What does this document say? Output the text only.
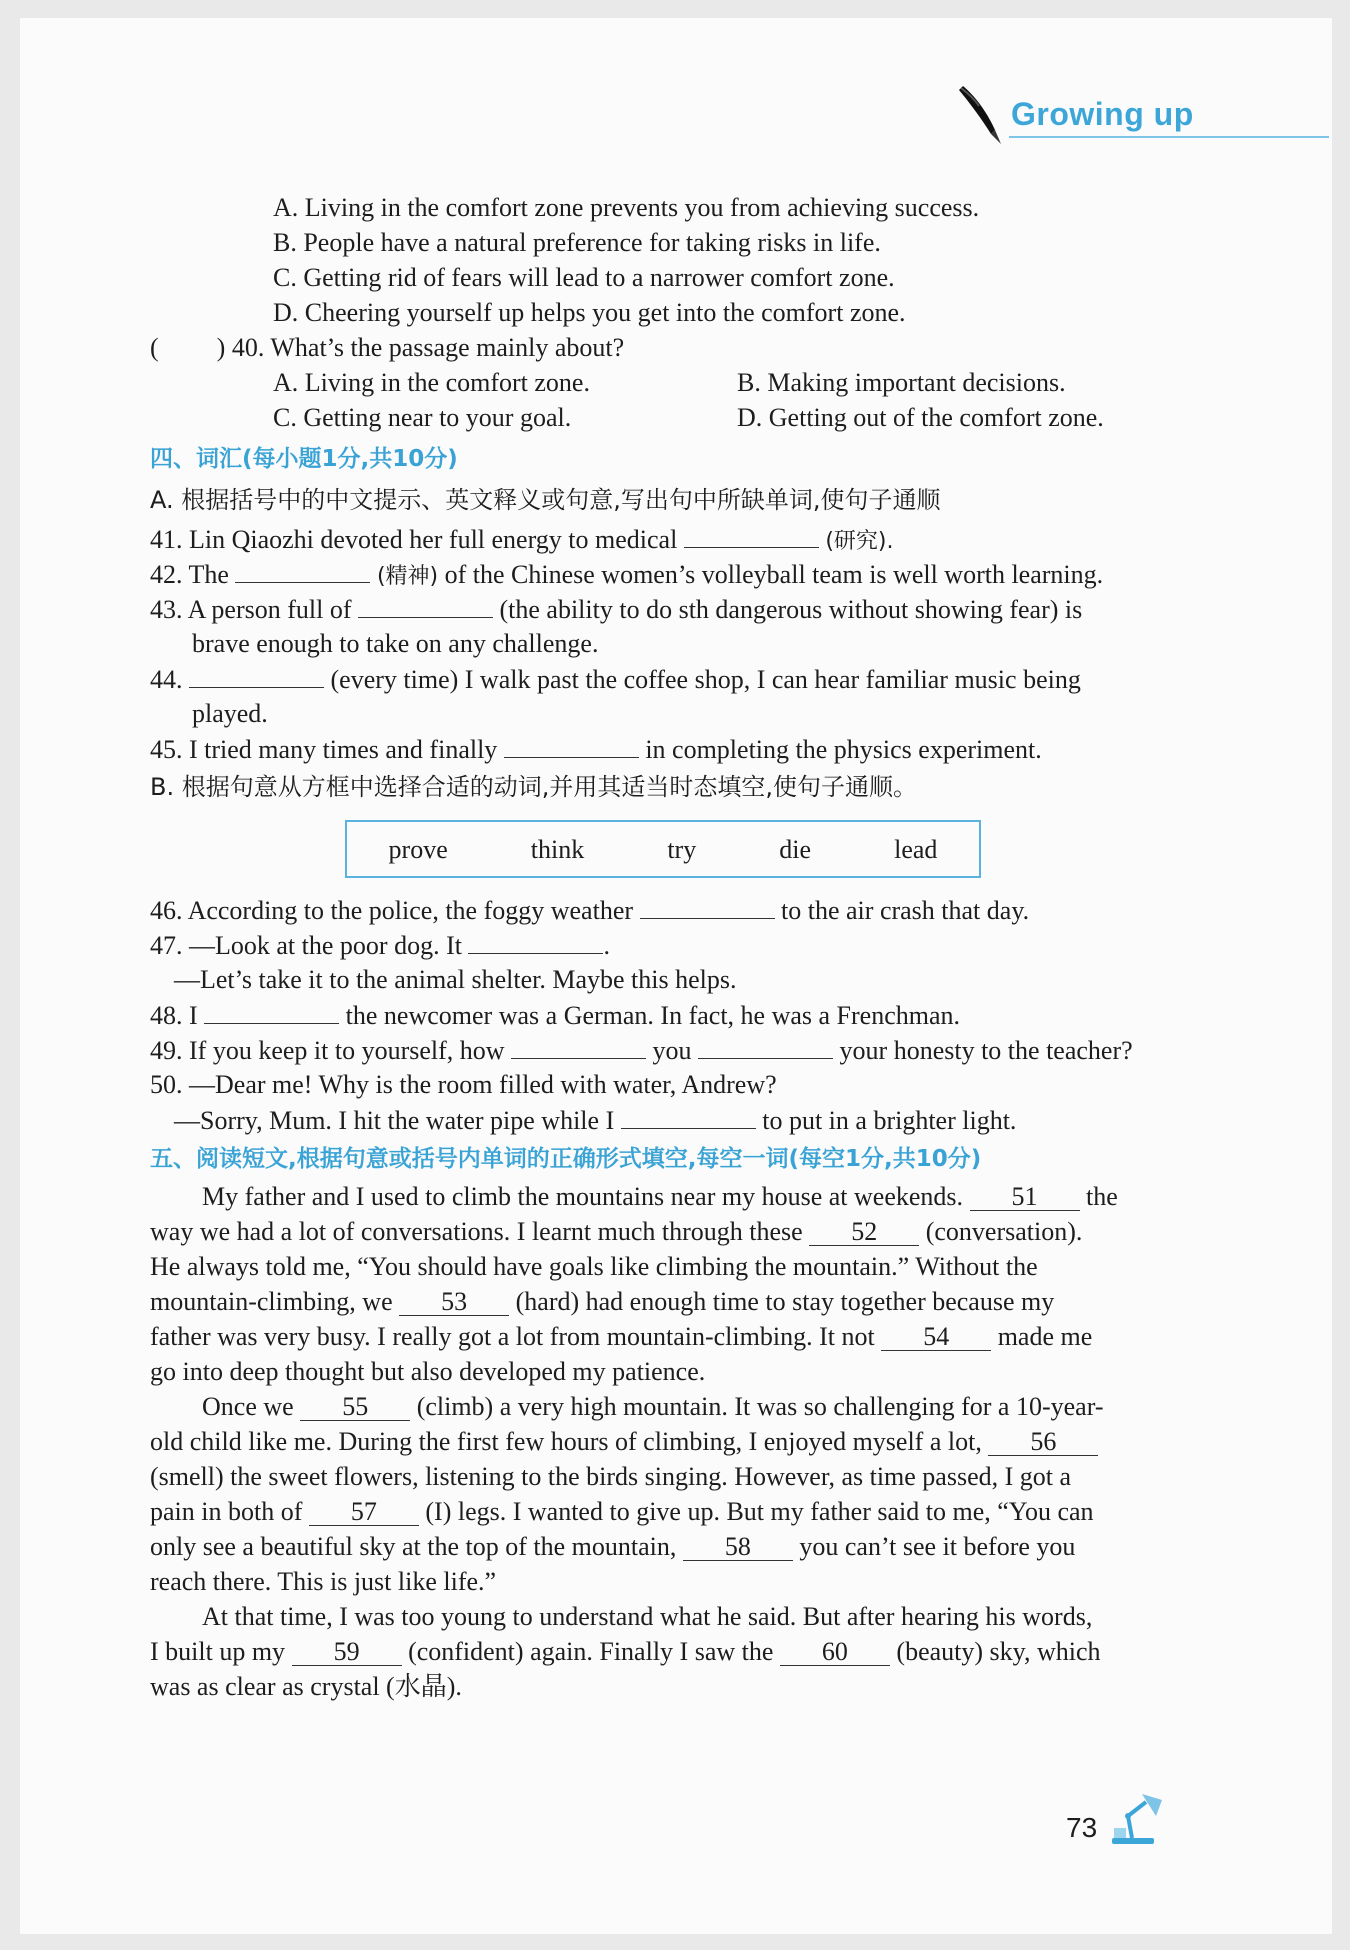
Growing up
A. Living in the comfort zone prevents you from achieving success.
B. People have a natural preference for taking risks in life.
C. Getting rid of fears will lead to a narrower comfort zone.
D. Cheering yourself up helps you get into the comfort zone.
( ) 40. What’s the passage mainly about?
A. Living in the comfort zone.	B. Making important decisions.
C. Getting near to your goal.	D. Getting out of the comfort zone.
四、词汇(每小题1分,共10分)
A. 根据括号中的中文提示、英文释义或句意,写出句中所缺单词,使句子通顺
41. Lin Qiaozhi devoted her full energy to medical	(研究).
42. The	(精神) of the Chinese women’s volleyball team is well worth learning.
43. A person full of	(the ability to do sth dangerous without showing fear) is
brave enough to take on any challenge.
44.	(every time) I walk past the coffee shop, I can hear familiar music being
played.
45. I tried many times and finally	in completing the physics experiment.
B. 根据句意从方框中选择合适的动词,并用其适当时态填空,使句子通顺。
prove	think	try	die	lead
46. According to the police, the foggy weather	to the air crash that day.
47. —Look at the poor dog. It	.
—Let’s take it to the animal shelter. Maybe this helps.
48. I	the newcomer was a German. In fact, he was a Frenchman.
49. If you keep it to yourself, how	you	your honesty to the teacher?
50. —Dear me! Why is the room filled with water, Andrew?
—Sorry, Mum. I hit the water pipe while I	to put in a brighter light.
五、阅读短文,根据句意或括号内单词的正确形式填空,每空一词(每空1分,共10分)
My father and I used to climb the mountains near my house at weekends. 51 the
way we had a lot of conversations. I learnt much through these 52 (conversation).
He always told me, “You should have goals like climbing the mountain.” Without the
mountain-climbing, we 53 (hard) had enough time to stay together because my
father was very busy. I really got a lot from mountain-climbing. It not 54 made me
go into deep thought but also developed my patience.
Once we 55 (climb) a very high mountain. It was so challenging for a 10-year-
old child like me. During the first few hours of climbing, I enjoyed myself a lot, 56
(smell) the sweet flowers, listening to the birds singing. However, as time passed, I got a
pain in both of 57 (I) legs. I wanted to give up. But my father said to me, “You can
only see a beautiful sky at the top of the mountain, 58 you can’t see it before you
reach there. This is just like life.”
At that time, I was too young to understand what he said. But after hearing his words,
I built up my 59 (confident) again. Finally I saw the 60 (beauty) sky, which
was as clear as crystal (水晶).
73
